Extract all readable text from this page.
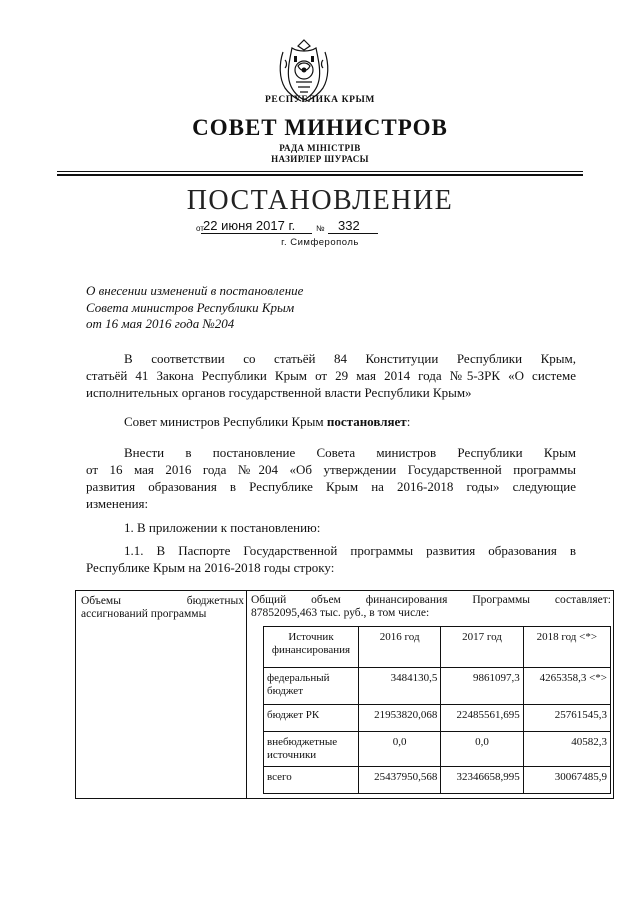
РЕСПУБЛИКА КРЫМ
СОВЕТ МИНИСТРОВ
РАДА МІНІСТРІВ
НАЗИРЛЕР ШУРАСЫ
ПОСТАНОВЛЕНИЕ
от 22 июня 2017 г.	№ 332
г. Симферополь
О внесении изменений в постановление
Совета министров Республики Крым
от 16 мая 2016 года №204
В соответствии со статьёй 84 Конституции Республики Крым,
статьёй 41 Закона Республики Крым от 29 мая 2014 года №5-ЗРК «О системе
исполнительных органов государственной власти Республики Крым»
Совет министров Республики Крым постановляет:
Внести в постановление Совета министров Республики Крым
от 16 мая 2016 года №204 «Об утверждении Государственной программы
развития образования в Республике Крым на 2016-2018 годы» следующие
изменения:
1. В приложении к постановлению:
1.1. В Паспорте Государственной программы развития образования в
Республике Крым на 2016-2018 годы строку:
Объемы бюджетных ассигнований программы

Общий объем финансирования Программы составляет:
87852095,463 тыс. руб., в том числе:
Источник финансирования	2016 год	2017 год	2018 год <*>
федеральный бюджет	3484130,5	9861097,3	4265358,3 <*>
бюджет РК	21953820,068	22485561,695	25761545,3
внебюджетные источники	0,0	0,0	40582,3
всего	25437950,568	32346658,995	30067485,9
